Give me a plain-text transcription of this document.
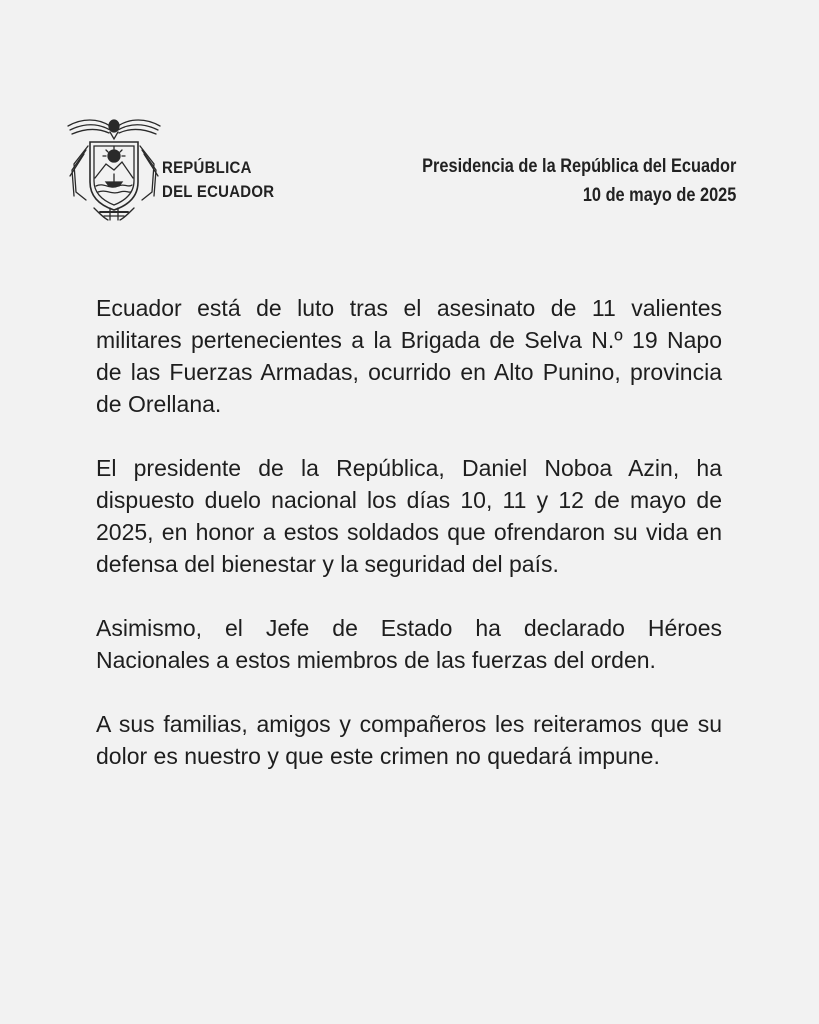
REPÚBLICA
DEL ECUADOR
Presidencia de la República del Ecuador
10 de mayo de 2025

Ecuador está de luto tras el asesinato de 11 valientes militares pertenecientes a la Brigada de Selva N.º 19 Napo de las Fuerzas Armadas, ocurrido en Alto Punino, provincia de Orellana.

El presidente de la República, Daniel Noboa Azin, ha dispuesto duelo nacional los días 10, 11 y 12 de mayo de 2025, en honor a estos soldados que ofrendaron su vida en defensa del bienestar y la seguridad del país.

Asimismo, el Jefe de Estado ha declarado Héroes Nacionales a estos miembros de las fuerzas del orden.

A sus familias, amigos y compañeros les reiteramos que su dolor es nuestro y que este crimen no quedará impune.
